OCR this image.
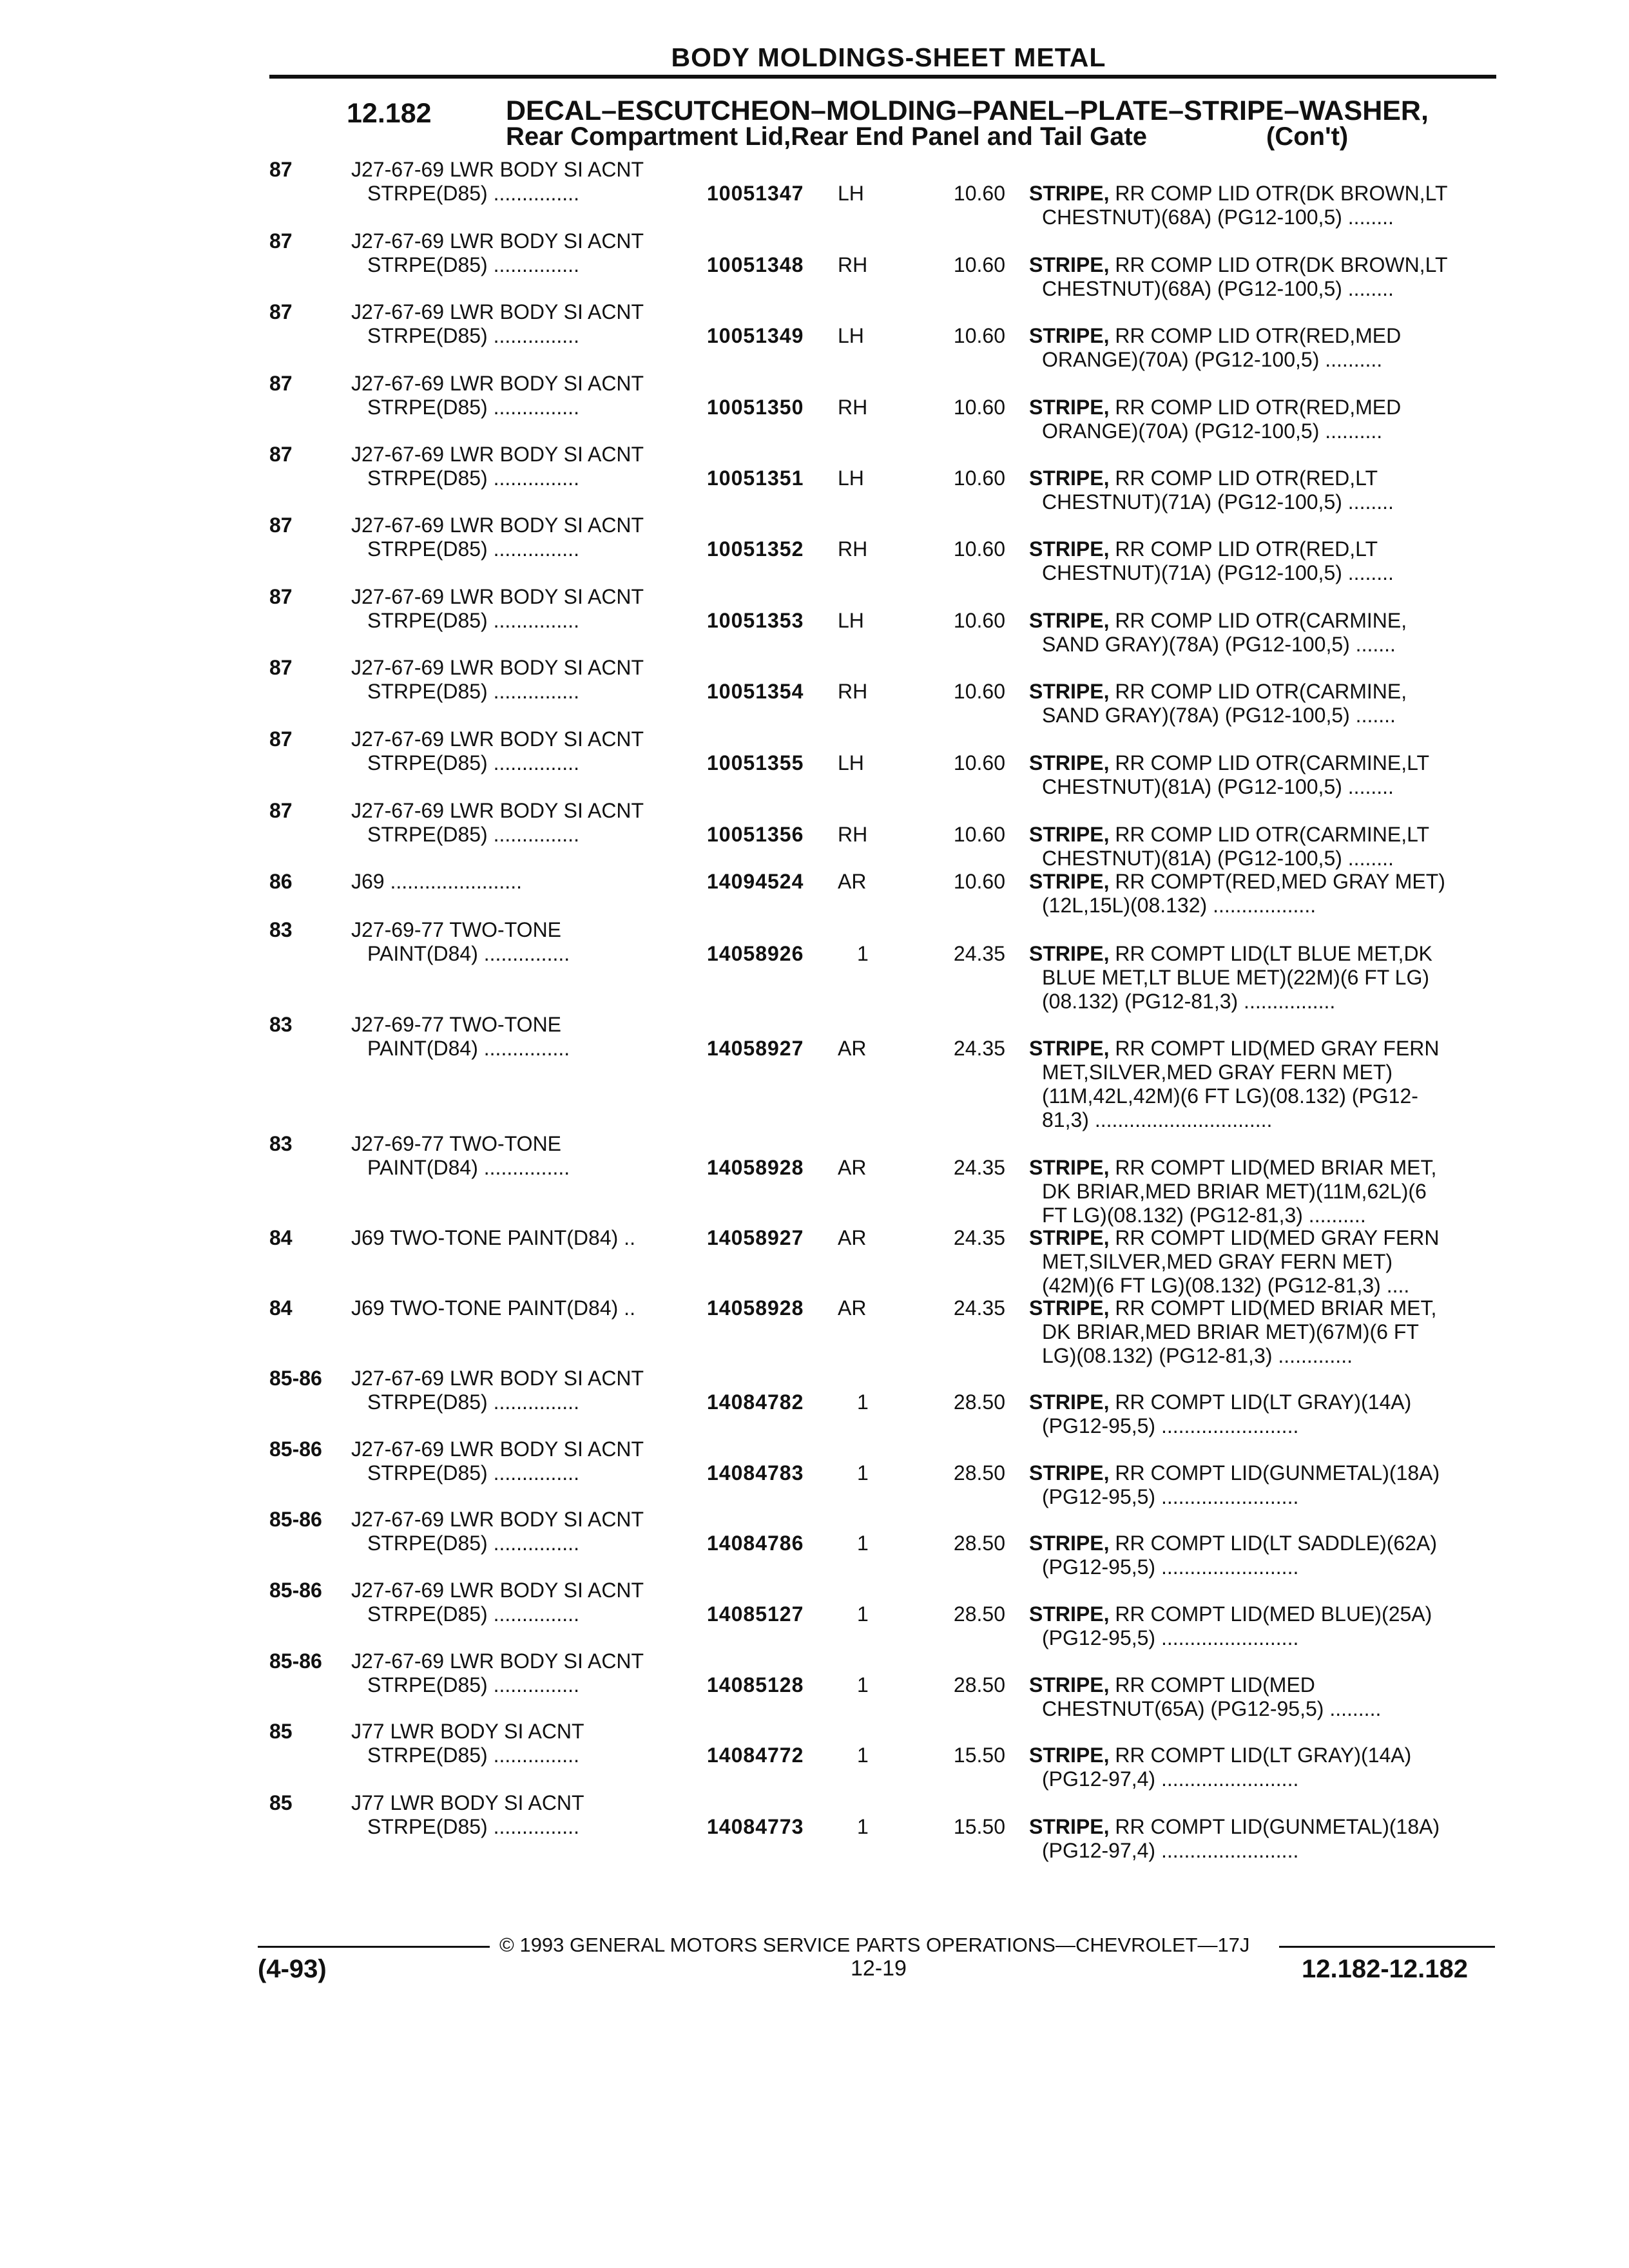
BODY MOLDINGS-SHEET METAL
12.182	DECAL–ESCUTCHEON–MOLDING–PANEL–PLATE–STRIPE–WASHER,
Rear Compartment Lid,Rear End Panel and Tail Gate	(Con't)
87	J27-67-69 LWR BODY SI ACNT
STRPE(D85) ...............	10051347 LH	10.60 STRIPE, RR COMP LID OTR(DK BROWN,LT
CHESTNUT)(68A) (PG12-100,5) ........
87	J27-67-69 LWR BODY SI ACNT
STRPE(D85) ...............	10051348 RH	10.60 STRIPE, RR COMP LID OTR(DK BROWN,LT
CHESTNUT)(68A) (PG12-100,5) ........
87	J27-67-69 LWR BODY SI ACNT
STRPE(D85) ...............	10051349 LH	10.60 STRIPE, RR COMP LID OTR(RED,MED
ORANGE)(70A) (PG12-100,5) ..........
87	J27-67-69 LWR BODY SI ACNT
STRPE(D85) ...............	10051350 RH	10.60 STRIPE, RR COMP LID OTR(RED,MED
ORANGE)(70A) (PG12-100,5) ..........
87	J27-67-69 LWR BODY SI ACNT
STRPE(D85) ...............	10051351 LH	10.60 STRIPE, RR COMP LID OTR(RED,LT
CHESTNUT)(71A) (PG12-100,5) ........
87	J27-67-69 LWR BODY SI ACNT
STRPE(D85) ...............	10051352 RH	10.60 STRIPE, RR COMP LID OTR(RED,LT
CHESTNUT)(71A) (PG12-100,5) ........
87	J27-67-69 LWR BODY SI ACNT
STRPE(D85) ...............	10051353 LH	10.60 STRIPE, RR COMP LID OTR(CARMINE,
SAND GRAY)(78A) (PG12-100,5) .......
87	J27-67-69 LWR BODY SI ACNT
STRPE(D85) ...............	10051354 RH	10.60 STRIPE, RR COMP LID OTR(CARMINE,
SAND GRAY)(78A) (PG12-100,5) .......
87	J27-67-69 LWR BODY SI ACNT
STRPE(D85) ...............	10051355 LH	10.60 STRIPE, RR COMP LID OTR(CARMINE,LT
CHESTNUT)(81A) (PG12-100,5) ........
87	J27-67-69 LWR BODY SI ACNT
STRPE(D85) ...............	10051356 RH	10.60 STRIPE, RR COMP LID OTR(CARMINE,LT
CHESTNUT)(81A) (PG12-100,5) ........
86	J69 .......................	14094524 AR	10.60 STRIPE, RR COMPT(RED,MED GRAY MET)
(12L,15L)(08.132) ..................
83	J27-69-77 TWO-TONE
PAINT(D84) ...............	14058926	1	24.35 STRIPE, RR COMPT LID(LT BLUE MET,DK
BLUE MET,LT BLUE MET)(22M)(6 FT LG)
(08.132) (PG12-81,3) ................
83	J27-69-77 TWO-TONE
PAINT(D84) ...............	14058927 AR	24.35 STRIPE, RR COMPT LID(MED GRAY FERN
MET,SILVER,MED GRAY FERN MET)
(11M,42L,42M)(6 FT LG)(08.132) (PG12-
81,3) ...............................
83	J27-69-77 TWO-TONE
PAINT(D84) ...............	14058928 AR	24.35 STRIPE, RR COMPT LID(MED BRIAR MET,
DK BRIAR,MED BRIAR MET)(11M,62L)(6
FT LG)(08.132) (PG12-81,3) ..........
84	J69 TWO-TONE PAINT(D84) ..	14058927 AR	24.35 STRIPE, RR COMPT LID(MED GRAY FERN
MET,SILVER,MED GRAY FERN MET)
(42M)(6 FT LG)(08.132) (PG12-81,3) ....
84	J69 TWO-TONE PAINT(D84) ..	14058928 AR	24.35 STRIPE, RR COMPT LID(MED BRIAR MET,
DK BRIAR,MED BRIAR MET)(67M)(6 FT
LG)(08.132) (PG12-81,3) .............
85-86 J27-67-69 LWR BODY SI ACNT
STRPE(D85) ...............	14084782	1	28.50 STRIPE, RR COMPT LID(LT GRAY)(14A)
(PG12-95,5) ........................
85-86 J27-67-69 LWR BODY SI ACNT
STRPE(D85) ...............	14084783	1	28.50 STRIPE, RR COMPT LID(GUNMETAL)(18A)
(PG12-95,5) ........................
85-86 J27-67-69 LWR BODY SI ACNT
STRPE(D85) ...............	14084786	1	28.50 STRIPE, RR COMPT LID(LT SADDLE)(62A)
(PG12-95,5) ........................
85-86 J27-67-69 LWR BODY SI ACNT
STRPE(D85) ...............	14085127	1	28.50 STRIPE, RR COMPT LID(MED BLUE)(25A)
(PG12-95,5) ........................
85-86 J27-67-69 LWR BODY SI ACNT
STRPE(D85) ...............	14085128	1	28.50 STRIPE, RR COMPT LID(MED
CHESTNUT(65A) (PG12-95,5) .........
85	J77 LWR BODY SI ACNT
STRPE(D85) ...............	14084772	1	15.50 STRIPE, RR COMPT LID(LT GRAY)(14A)
(PG12-97,4) ........................
85	J77 LWR BODY SI ACNT
STRPE(D85) ...............	14084773	1	15.50 STRIPE, RR COMPT LID(GUNMETAL)(18A)
(PG12-97,4) ........................
© 1993 GENERAL MOTORS SERVICE PARTS OPERATIONS—CHEVROLET—17J
(4-93)	12-19	12.182-12.182
